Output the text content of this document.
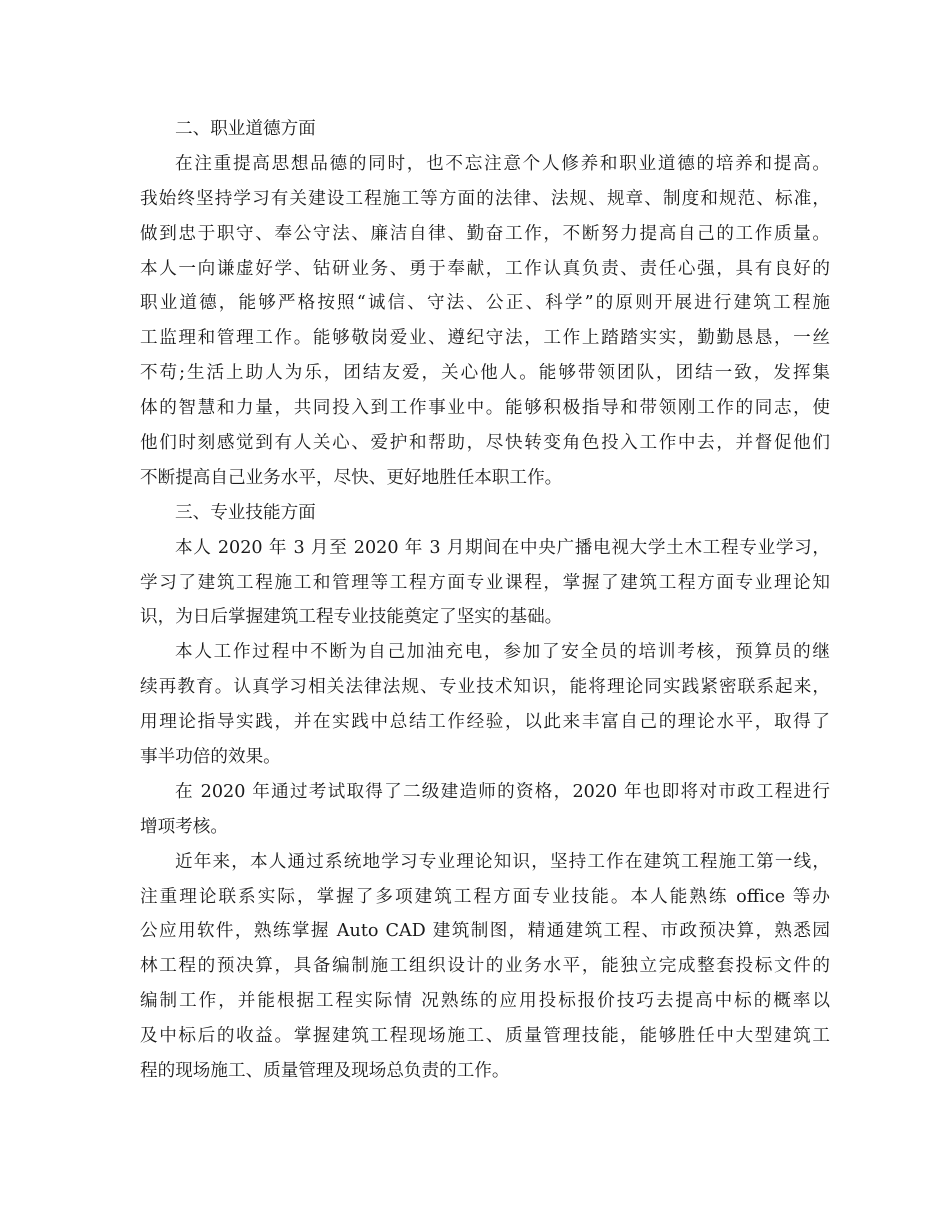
二、职业道德方面
在注重提高思想品德的同时，也不忘注意个人修养和职业道德的培养和提高。
我始终坚持学习有关建设工程施工等方面的法律、法规、规章、制度和规范、标准，
做到忠于职守、奉公守法、廉洁自律、勤奋工作，不断努力提高自己的工作质量。
本人一向谦虚好学、钻研业务、勇于奉献，工作认真负责、责任心强，具有良好的
职业道德，能够严格按照“诚信、守法、公正、科学”的原则开展进行建筑工程施
工监理和管理工作。能够敬岗爱业、遵纪守法，工作上踏踏实实，勤勤恳恳，一丝
不苟;生活上助人为乐，团结友爱，关心他人。能够带领团队，团结一致，发挥集
体的智慧和力量，共同投入到工作事业中。能够积极指导和带领刚工作的同志，使
他们时刻感觉到有人关心、爱护和帮助，尽快转变角色投入工作中去，并督促他们
不断提高自己业务水平，尽快、更好地胜任本职工作。
三、专业技能方面
本人 2020 年 3 月至 2020 年 3 月期间在中央广播电视大学土木工程专业学习，
学习了建筑工程施工和管理等工程方面专业课程，掌握了建筑工程方面专业理论知
识，为日后掌握建筑工程专业技能奠定了坚实的基础。
本人工作过程中不断为自己加油充电，参加了安全员的培训考核，预算员的继
续再教育。认真学习相关法律法规、专业技术知识，能将理论同实践紧密联系起来，
用理论指导实践，并在实践中总结工作经验，以此来丰富自己的理论水平，取得了
事半功倍的效果。
在 2020 年通过考试取得了二级建造师的资格，2020 年也即将对市政工程进行
增项考核。
近年来，本人通过系统地学习专业理论知识，坚持工作在建筑工程施工第一线，
注重理论联系实际，掌握了多项建筑工程方面专业技能。本人能熟练 office 等办
公应用软件，熟练掌握 Auto CAD 建筑制图，精通建筑工程、市政预决算，熟悉园
林工程的预决算，具备编制施工组织设计的业务水平，能独立完成整套投标文件的
编制工作，并能根据工程实际情 况熟练的应用投标报价技巧去提高中标的概率以
及中标后的收益。掌握建筑工程现场施工、质量管理技能，能够胜任中大型建筑工
程的现场施工、质量管理及现场总负责的工作。
